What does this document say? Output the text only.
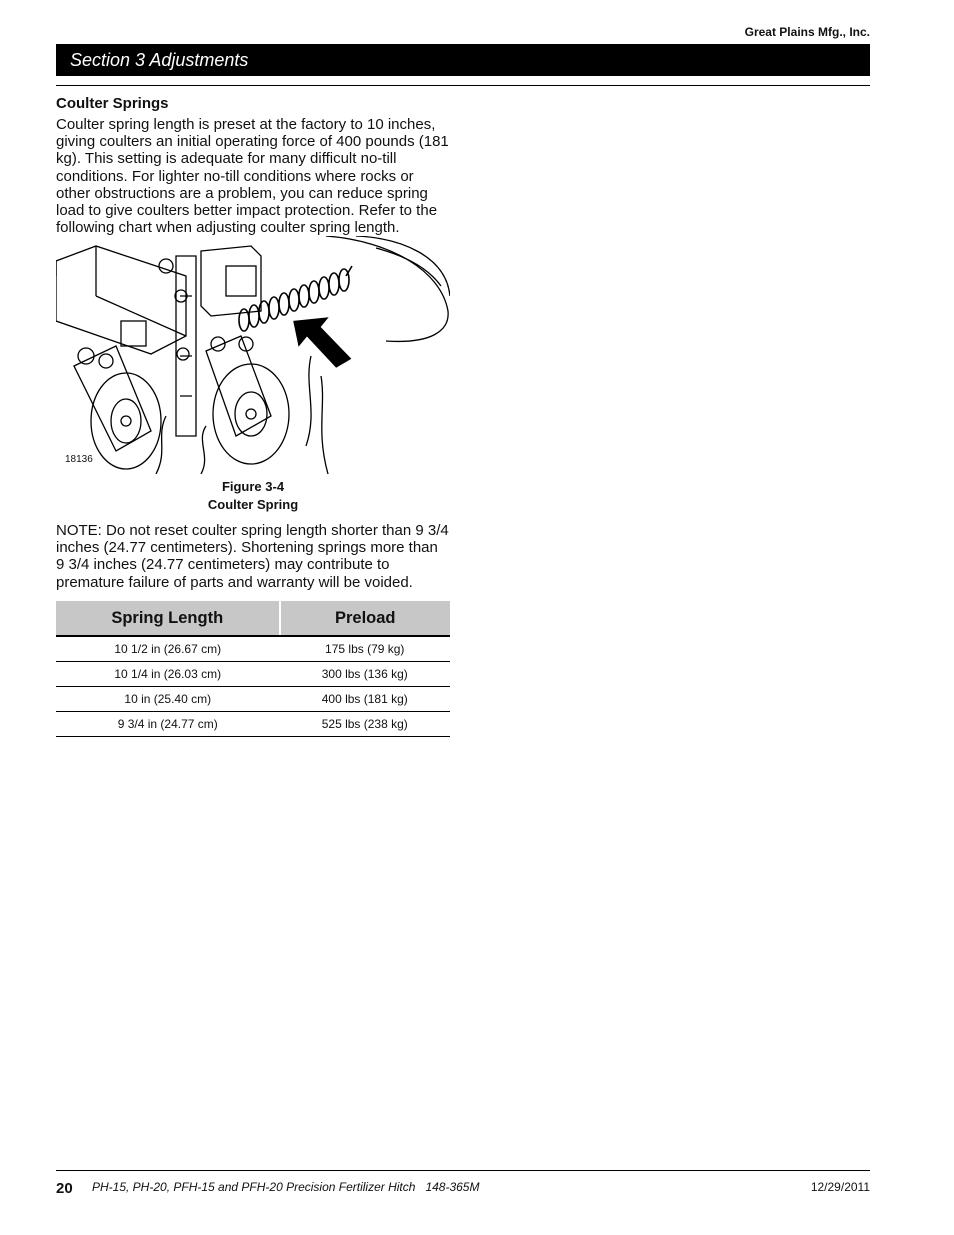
Great Plains Mfg., Inc.
Section 3 Adjustments
Coulter Springs
Coulter spring length is preset at the factory to 10 inches, giving coulters an initial operating force of 400 pounds (181 kg). This setting is adequate for many difficult no-till conditions. For lighter no-till conditions where rocks or other obstructions are a problem, you can reduce spring load to give coulters better impact protection. Refer to the following chart when adjusting coulter spring length.
18136
Figure 3-4
Coulter Spring
NOTE: Do not reset coulter spring length shorter than 9 3/4 inches (24.77 centimeters). Shortening springs more than 9 3/4 inches (24.77 centimeters) may contribute to premature failure of parts and warranty will be voided.
Spring Length	Preload
10 1/2 in (26.67 cm)	175 lbs (79 kg)
10 1/4 in (26.03 cm)	300 lbs (136 kg)
10 in (25.40 cm)	400 lbs (181 kg)
9 3/4 in (24.77 cm)	525 lbs (238 kg)
20 PH-15, PH-20, PFH-15 and PFH-20 Precision Fertilizer Hitch   148-365M	12/29/2011
